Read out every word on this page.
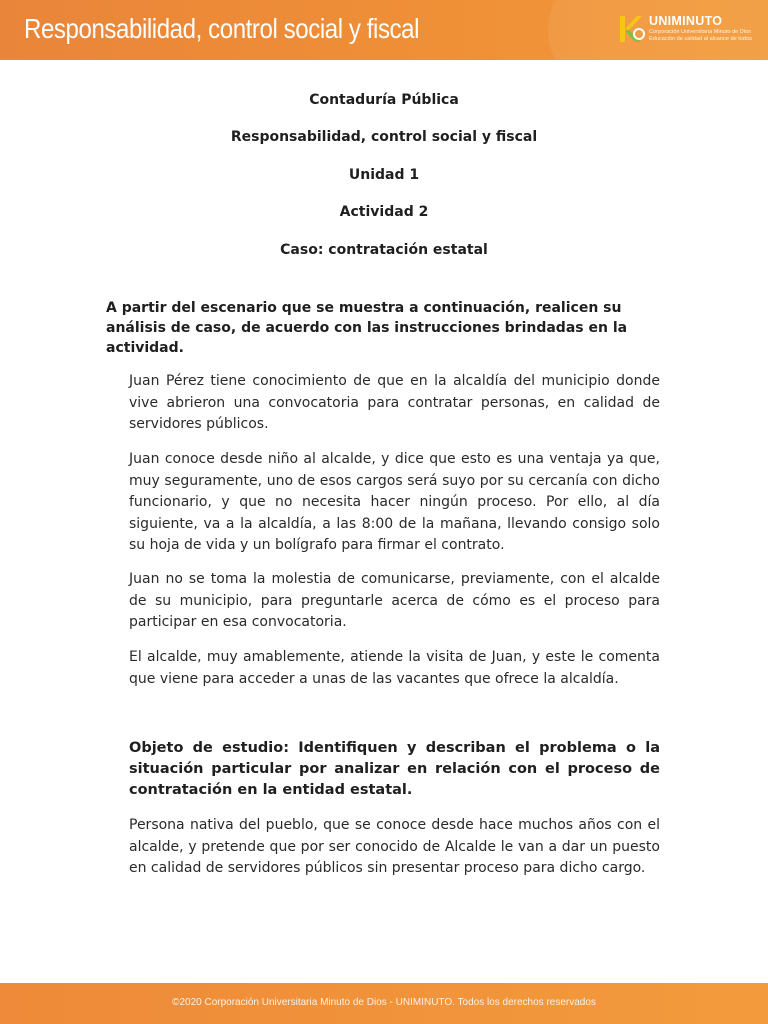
Responsabilidad, control social y fiscal	UNIMINUTO
Corporación Universitaria Minuto de Dios
Educación de calidad al alcance de todos
Contaduría Pública
Responsabilidad, control social y fiscal
Unidad 1
Actividad 2
Caso: contratación estatal
A partir del escenario que se muestra a continuación, realicen su análisis de caso, de acuerdo con las instrucciones brindadas en la actividad.
Juan Pérez tiene conocimiento de que en la alcaldía del municipio donde vive abrieron una convocatoria para contratar personas, en calidad de servidores públicos.
Juan conoce desde niño al alcalde, y dice que esto es una ventaja ya que, muy seguramente, uno de esos cargos será suyo por su cercanía con dicho funcionario, y que no necesita hacer ningún proceso. Por ello, al día siguiente, va a la alcaldía, a las 8:00 de la mañana, llevando consigo solo su hoja de vida y un bolígrafo para firmar el contrato.
Juan no se toma la molestia de comunicarse, previamente, con el alcalde de su municipio, para preguntarle acerca de cómo es el proceso para participar en esa convocatoria.
El alcalde, muy amablemente, atiende la visita de Juan, y este le comenta que viene para acceder a unas de las vacantes que ofrece la alcaldía.
Objeto de estudio: Identifiquen y describan el problema o la situación particular por analizar en relación con el proceso de contratación en la entidad estatal.
Persona nativa del pueblo, que se conoce desde hace muchos años con el alcalde, y pretende que por ser conocido de Alcalde le van a dar un puesto en calidad de servidores públicos sin presentar proceso para dicho cargo.
©2020 Corporación Universitaria Minuto de Dios - UNIMINUTO. Todos los derechos reservados
